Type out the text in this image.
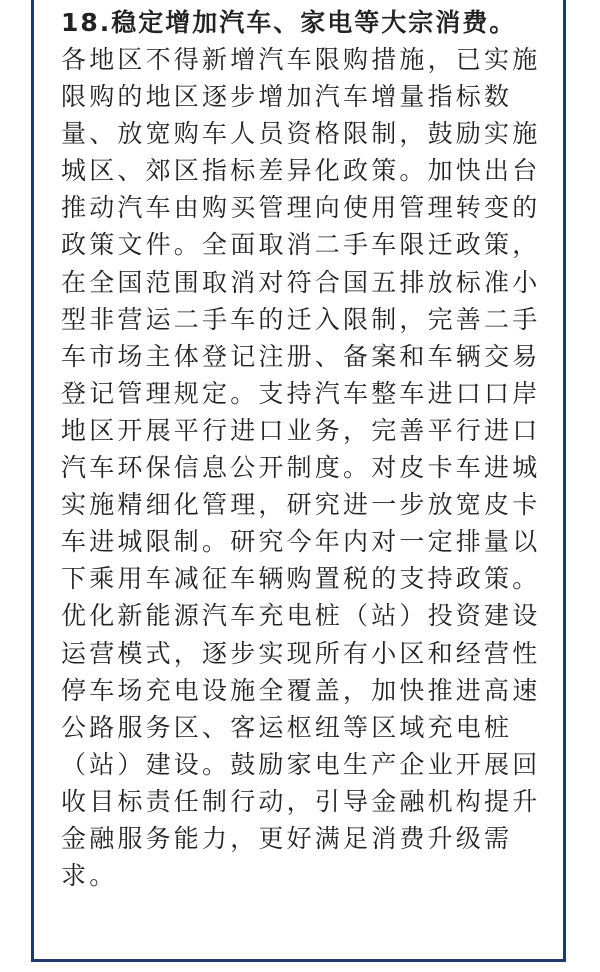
18.稳定增加汽车、家电等大宗消费。

各地区不得新增汽车限购措施，已实施

限购的地区逐步增加汽车增量指标数

量、放宽购车人员资格限制，鼓励实施

城区、郊区指标差异化政策。加快出台

推动汽车由购买管理向使用管理转变的

政策文件。全面取消二手车限迁政策，

在全国范围取消对符合国五排放标准小

型非营运二手车的迁入限制，完善二手

车市场主体登记注册、备案和车辆交易

登记管理规定。支持汽车整车进口口岸

地区开展平行进口业务，完善平行进口

汽车环保信息公开制度。对皮卡车进城

实施精细化管理，研究进一步放宽皮卡

车进城限制。研究今年内对一定排量以

下乘用车减征车辆购置税的支持政策。

优化新能源汽车充电桩（站）投资建设

运营模式，逐步实现所有小区和经营性

停车场充电设施全覆盖，加快推进高速

公路服务区、客运枢纽等区域充电桩

（站）建设。鼓励家电生产企业开展回

收目标责任制行动，引导金融机构提升

金融服务能力，更好满足消费升级需

求。
